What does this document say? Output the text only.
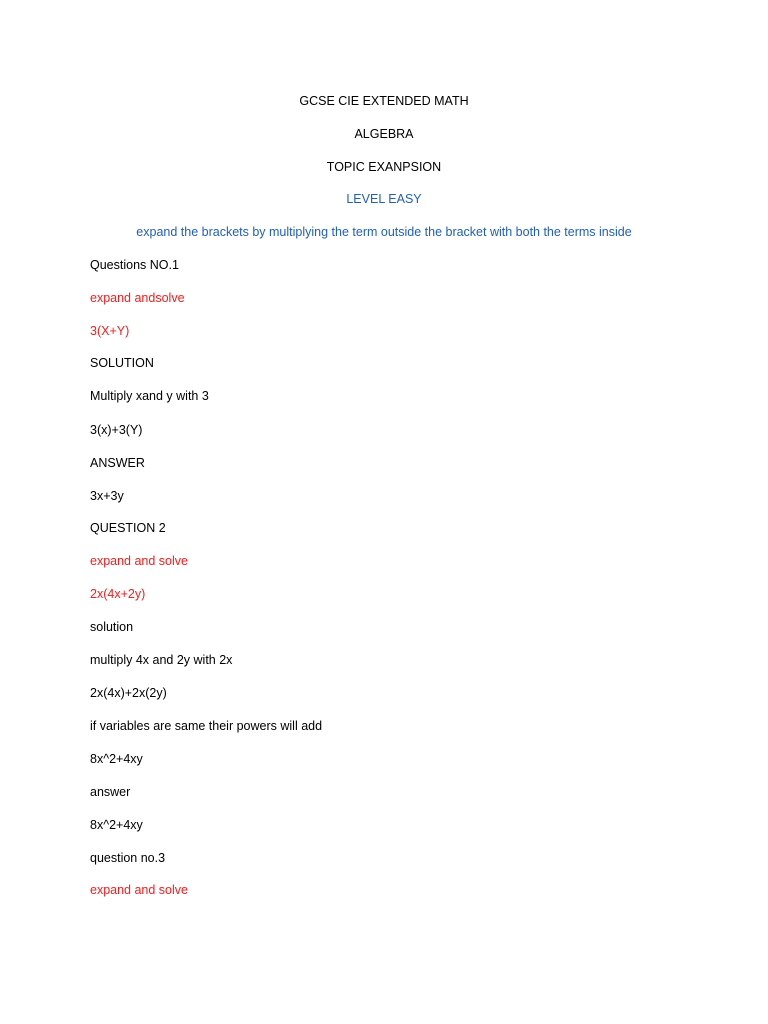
GCSE CIE EXTENDED MATH
ALGEBRA
TOPIC EXANPSION
LEVEL EASY
expand the brackets by multiplying the term outside the bracket with both the terms inside
Questions NO.1
expand andsolve
3(X+Y)
SOLUTION
Multiply xand y with 3
3(x)+3(Y)
ANSWER
3x+3y
QUESTION 2
expand and solve
2x(4x+2y)
solution
multiply 4x and 2y with 2x
2x(4x)+2x(2y)
if variables are same their powers will add
8x^2+4xy
answer
8x^2+4xy
question no.3
expand and solve
